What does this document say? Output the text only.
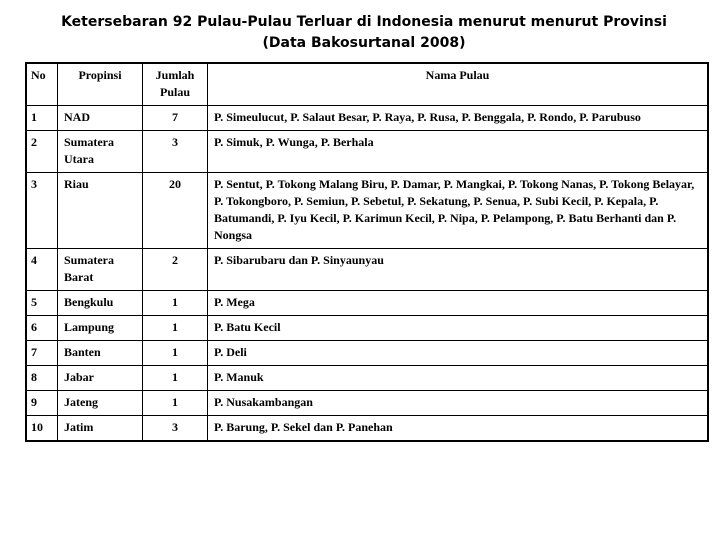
Ketersebaran 92 Pulau-Pulau Terluar di Indonesia menurut menurut Provinsi
(Data Bakosurtanal 2008)
No	Propinsi	Jumlah Pulau	Nama Pulau
1	NAD	7	P. Simeulucut, P. Salaut Besar, P. Raya, P. Rusa, P. Benggala, P. Rondo, P. Parubuso
2	Sumatera Utara	3	P. Simuk, P. Wunga, P. Berhala
3	Riau	20	P. Sentut, P. Tokong Malang Biru, P. Damar, P. Mangkai, P. Tokong Nanas, P. Tokong Belayar, P. Tokongboro, P. Semiun, P. Sebetul, P. Sekatung, P. Senua, P. Subi Kecil, P. Kepala, P. Batumandi, P. Iyu Kecil, P. Karimun Kecil, P. Nipa, P. Pelampong, P. Batu Berhanti dan P. Nongsa
4	Sumatera Barat	2	P. Sibarubaru dan P. Sinyaunyau
5	Bengkulu	1	P. Mega
6	Lampung	1	P. Batu Kecil
7	Banten	1	P. Deli
8	Jabar	1	P. Manuk
9	Jateng	1	P. Nusakambangan
10	Jatim	3	P. Barung, P. Sekel dan P. Panehan
